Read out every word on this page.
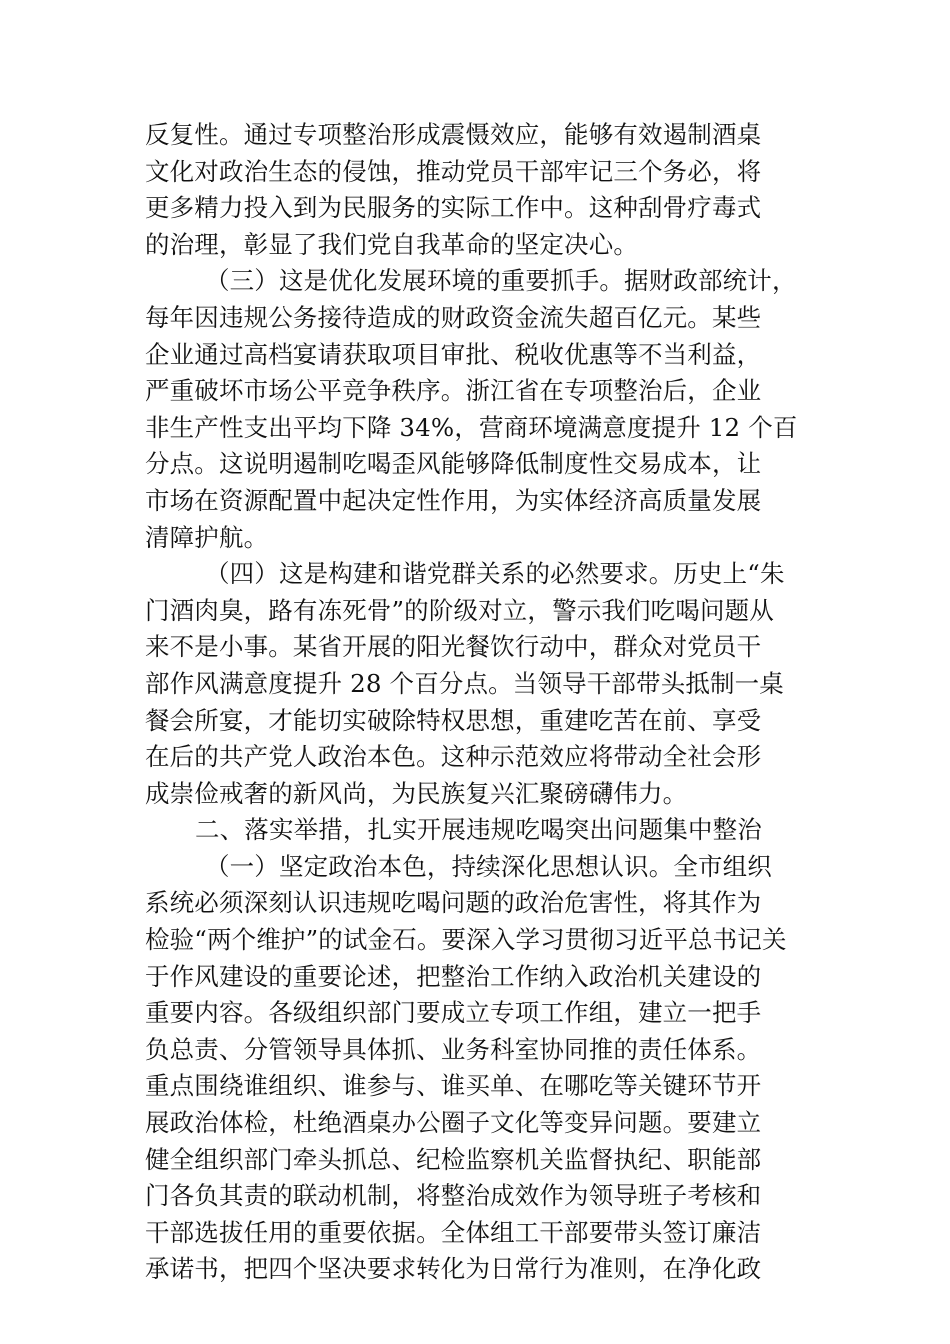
反复性。通过专项整治形成震慑效应，能够有效遏制酒桌
文化对政治生态的侵蚀，推动党员干部牢记三个务必，将
更多精力投入到为民服务的实际工作中。这种刮骨疗毒式
的治理，彰显了我们党自我革命的坚定决心。
（三）这是优化发展环境的重要抓手。据财政部统计，
每年因违规公务接待造成的财政资金流失超百亿元。某些
企业通过高档宴请获取项目审批、税收优惠等不当利益，
严重破坏市场公平竞争秩序。浙江省在专项整治后，企业
非生产性支出平均下降 34%，营商环境满意度提升 12 个百
分点。这说明遏制吃喝歪风能够降低制度性交易成本，让
市场在资源配置中起决定性作用，为实体经济高质量发展
清障护航。
（四）这是构建和谐党群关系的必然要求。历史上“朱
门酒肉臭，路有冻死骨”的阶级对立，警示我们吃喝问题从
来不是小事。某省开展的阳光餐饮行动中，群众对党员干
部作风满意度提升 28 个百分点。当领导干部带头抵制一桌
餐会所宴，才能切实破除特权思想，重建吃苦在前、享受
在后的共产党人政治本色。这种示范效应将带动全社会形
成崇俭戒奢的新风尚，为民族复兴汇聚磅礴伟力。
二、落实举措，扎实开展违规吃喝突出问题集中整治
（一）坚定政治本色，持续深化思想认识。全市组织
系统必须深刻认识违规吃喝问题的政治危害性，将其作为
检验“两个维护”的试金石。要深入学习贯彻习近平总书记关
于作风建设的重要论述，把整治工作纳入政治机关建设的
重要内容。各级组织部门要成立专项工作组，建立一把手
负总责、分管领导具体抓、业务科室协同推的责任体系。
重点围绕谁组织、谁参与、谁买单、在哪吃等关键环节开
展政治体检，杜绝酒桌办公圈子文化等变异问题。要建立
健全组织部门牵头抓总、纪检监察机关监督执纪、职能部
门各负其责的联动机制，将整治成效作为领导班子考核和
干部选拔任用的重要依据。全体组工干部要带头签订廉洁
承诺书，把四个坚决要求转化为日常行为准则，在净化政
